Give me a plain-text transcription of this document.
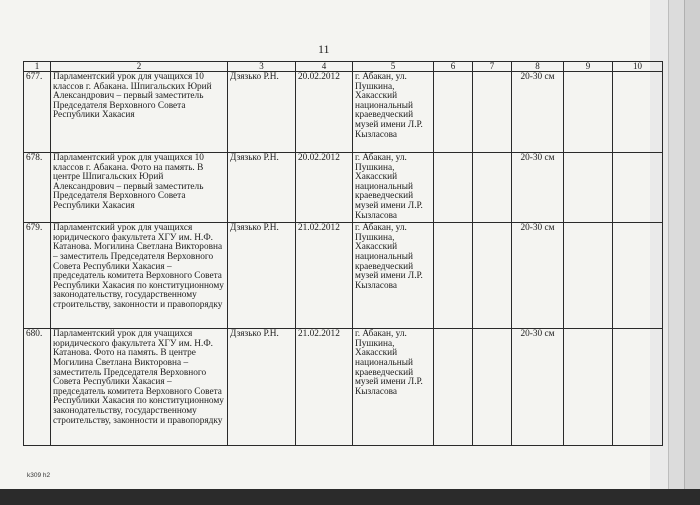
11
1	2	3	4	5	6	7	8	9	10
677.	Парламентский урок для учащихся 10 классов г. Абакана. Шпигальских Юрий Александрович – первый заместитель Председателя Верховного Совета Республики Хакасия	Дзязько Р.Н.	20.02.2012	г. Абакан, ул. Пушкина, Хакасский национальный краеведческий музей имени Л.Р. Кызласова			20-30 см		
678.	Парламентский урок для учащихся 10 классов г. Абакана. Фото на память. В центре Шпигальских Юрий Александрович – первый заместитель Председателя Верховного Совета Республики Хакасия	Дзязько Р.Н.	20.02.2012	г. Абакан, ул. Пушкина, Хакасский национальный краеведческий музей имени Л.Р. Кызласова			20-30 см		
679.	Парламентский урок для учащихся юридического факультета ХГУ им. Н.Ф. Катанова. Могилина Светлана Викторовна – заместитель Председателя Верховного Совета Республики Хакасия – председатель комитета Верховного Совета Республики Хакасия по конституционному законодательству, государственному строительству, законности и правопорядку	Дзязько Р.Н.	21.02.2012	г. Абакан, ул. Пушкина, Хакасский национальный краеведческий музей имени Л.Р. Кызласова			20-30 см		
680.	Парламентский урок для учащихся юридического факультета ХГУ им. Н.Ф. Катанова. Фото на память. В центре Могилина Светлана Викторовна – заместитель Председателя Верховного Совета Республики Хакасия – председатель комитета Верховного Совета Республики Хакасия по конституционному законодательству, государственному строительству, законности и правопорядку	Дзязько Р.Н.	21.02.2012	г. Абакан, ул. Пушкина, Хакасский национальный краеведческий музей имени Л.Р. Кызласова			20-30 см		
k309 h2
